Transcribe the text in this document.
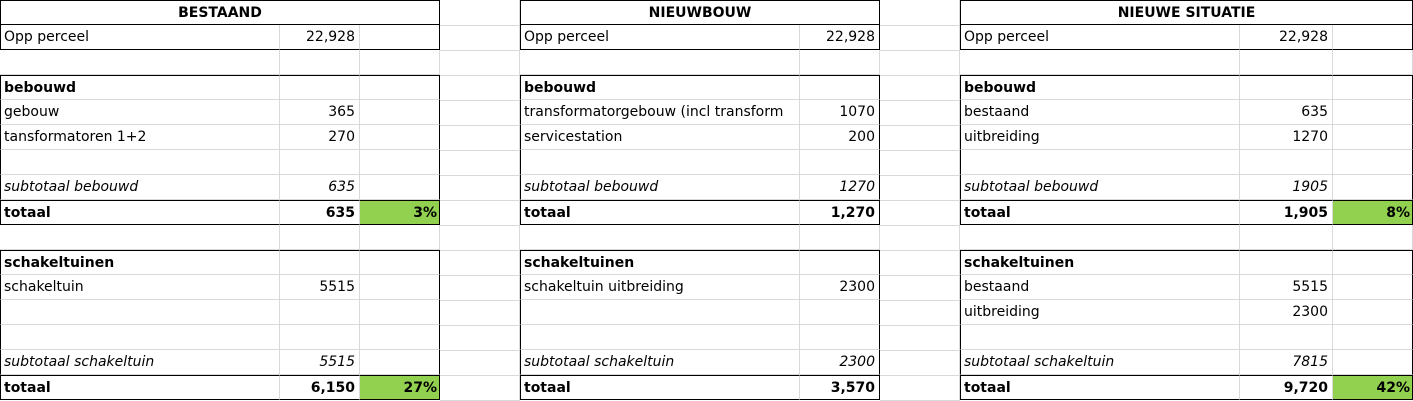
BESTAAND
Opp perceel	22,928
bebouwd
gebouw	365
tansformatoren 1+2	270
subtotaal bebouwd	635
totaal	635	3%
schakeltuinen
schakeltuin	5515
subtotaal schakeltuin	5515
totaal	6,150	27%
NIEUWBOUW
Opp perceel	22,928
bebouwd
transformatorgebouw (incl transform	1070
servicestation	200
subtotaal bebouwd	1270
totaal	1,270
schakeltuinen
schakeltuin uitbreiding	2300
subtotaal schakeltuin	2300
totaal	3,570
NIEUWE SITUATIE
Opp perceel	22,928
bebouwd
bestaand	635
uitbreiding	1270
subtotaal bebouwd	1905
totaal	1,905	8%
schakeltuinen
bestaand	5515
uitbreiding	2300
subtotaal schakeltuin	7815
totaal	9,720	42%
